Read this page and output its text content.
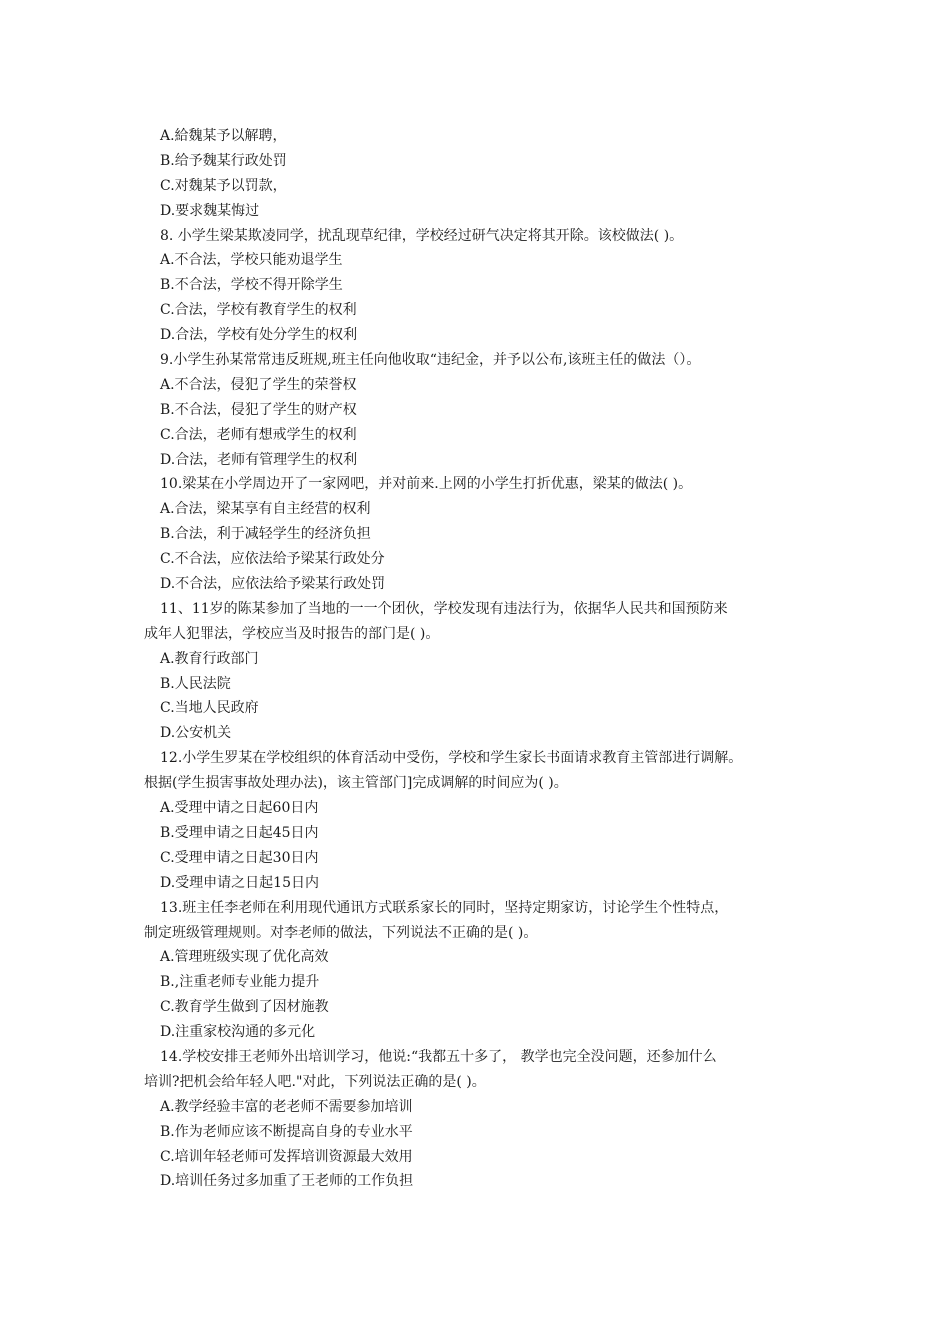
A.給魏某予以解聘，
B.给予魏某行政处罚
C.对魏某予以罚款，
D.要求魏某悔过
8. 小学生梁某欺凌同学，扰乱现草纪律，学校经过研气决定将其开除。该校做法( )。
A.不合法，学校只能劝退学生
B.不合法，学校不得开除学生
C.合法，学校有教育学生的权利
D.合法，学校有处分学生的权利
9.小学生孙某常常违反班规,班主任向他收取“违纪金，并予以公布,该班主任的做法（）。
A.不合法，侵犯了学生的荣誉权
B.不合法，侵犯了学生的财产权
C.合法，老师有想戒学生的权利
D.合法，老师有管理学生的权利
10.梁某在小学周边开了一家网吧，并对前来.上网的小学生打折优惠，梁某的做法( )。
A.合法，梁某享有自主经营的权利
B.合法，利于减轻学生的经济负担
C.不合法，应依法给予梁某行政处分
D.不合法，应依法给予梁某行政处罚
11、11岁的陈某参加了当地的一一个团伙，学校发现有违法行为，依据华人民共和国预防来
成年人犯罪法，学校应当及时报告的部门是( )。
A.教育行政部门
B.人民法院
C.当地人民政府
D.公安机关
12.小学生罗某在学校组织的体育活动中受伤，学校和学生家长书面请求教育主管部进行调解。
根据(学生损害事故处理办法)，该主管部门]完成调解的时间应为( )。
A.受理中请之日起60日内
B.受理申请之日起45日内
C.受理申请之日起30日内
D.受理申请之日起15日内
13.班主任李老师在利用现代通讯方式联系家长的同时，坚持定期家访，讨论学生个性特点，
制定班级管理规则。对李老师的做法，下列说法不正确的是( )。
A.管理班级实现了优化高效
B.,注重老师专业能力提升
C.教育学生做到了因材施教
D.注重家校沟通的多元化
14.学校安排王老师外出培训学习，他说:“我都五十多了， 教学也完全没问题，还参加什么
培训?把机会给年轻人吧."对此，下列说法正确的是( )。
A.教学经验丰富的老老师不需要参加培训
B.作为老师应该不断提高自身的专业水平
C.培训年轻老师可发挥培训资源最大效用
D.培训任务过多加重了王老师的工作负担
